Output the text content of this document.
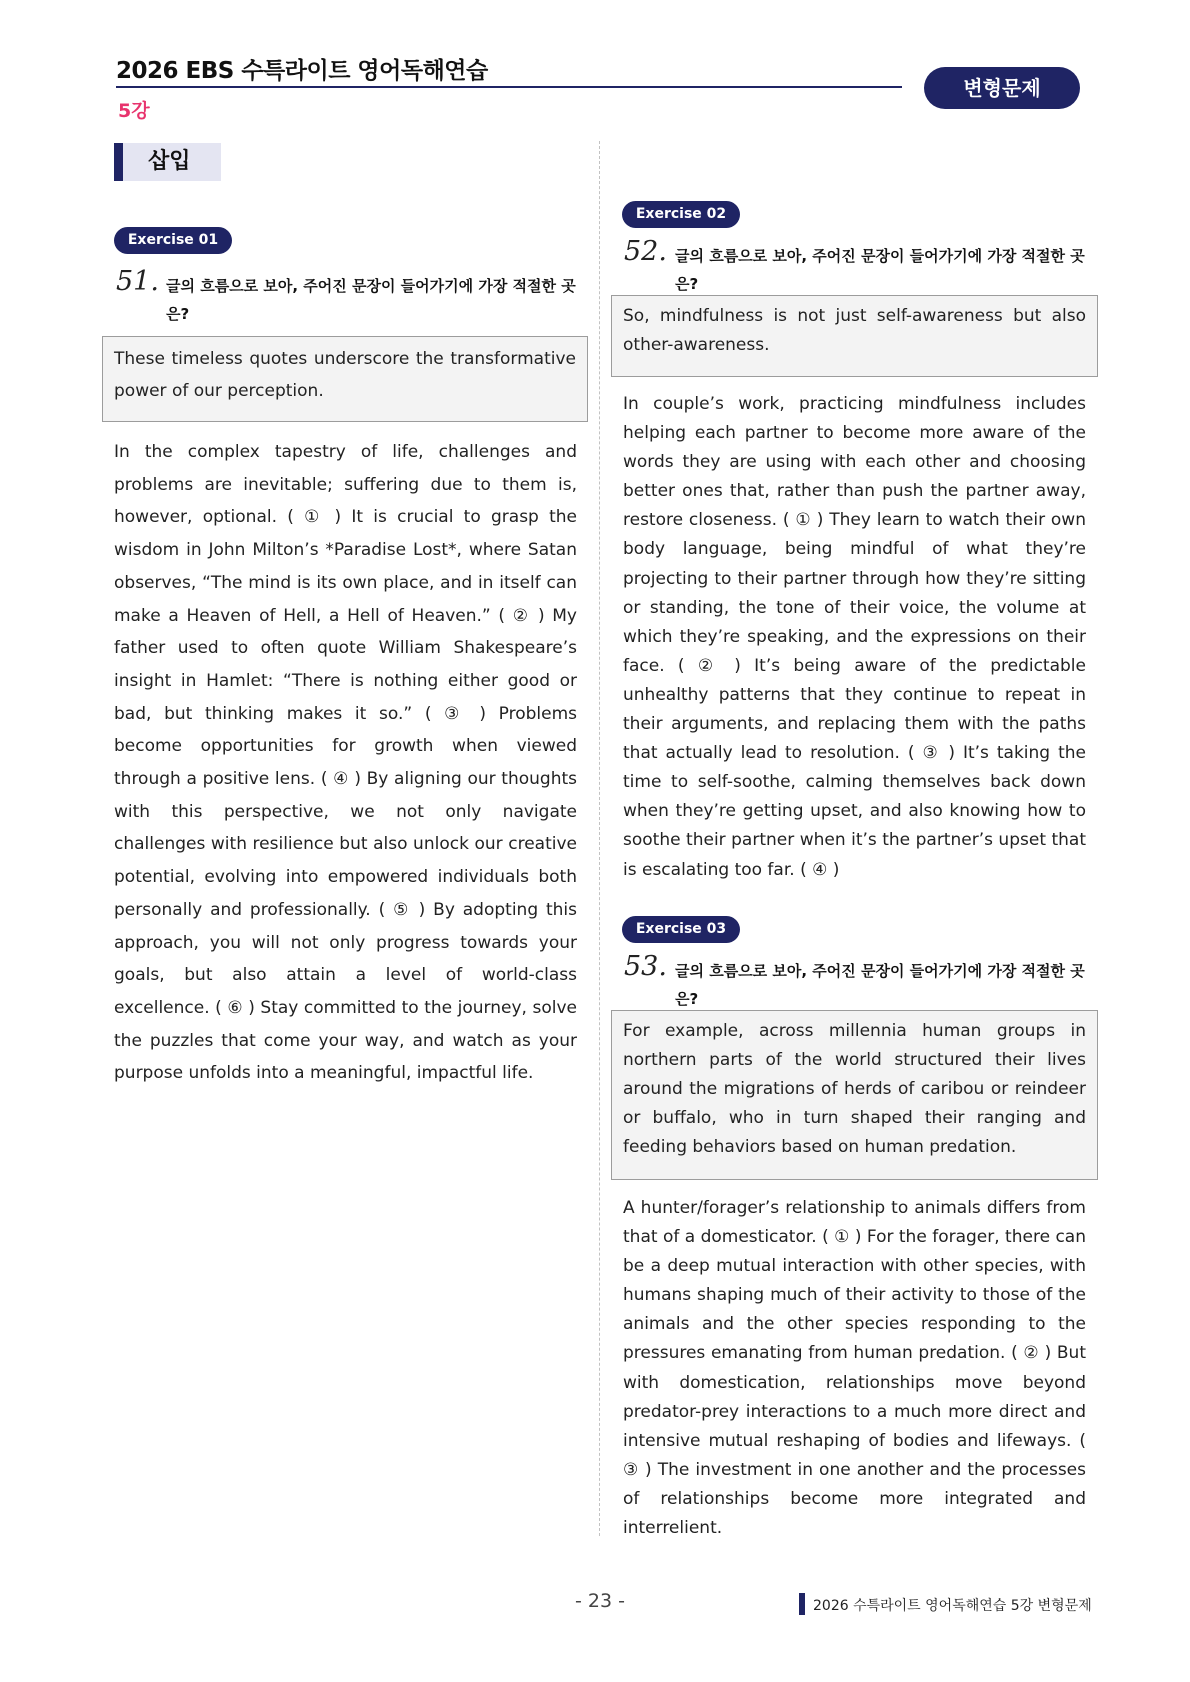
2026 EBS 수특라이트 영어독해연습
5강
변형문제
삽입
Exercise 01
51. 글의 흐름으로 보아, 주어진 문장이 들어가기에 가장 적절한 곳은?
These timeless quotes underscore the transformative power of our perception.
In the complex tapestry of life, challenges and problems are inevitable; suffering due to them is, however, optional. ( ① ) It is crucial to grasp the wisdom in John Milton’s *Paradise Lost*, where Satan observes, “The mind is its own place, and in itself can make a Heaven of Hell, a Hell of Heaven.” ( ② ) My father used to often quote William Shakespeare’s insight in Hamlet: “There is nothing either good or bad, but thinking makes it so.” ( ③ ) Problems become opportunities for growth when viewed through a positive lens. ( ④ ) By aligning our thoughts with this perspective, we not only navigate challenges with resilience but also unlock our creative potential, evolving into empowered individuals both personally and professionally. ( ⑤ ) By adopting this approach, you will not only progress towards your goals, but also attain a level of world-class excellence. ( ⑥ ) Stay committed to the journey, solve the puzzles that come your way, and watch as your purpose unfolds into a meaningful, impactful life.
Exercise 02
52. 글의 흐름으로 보아, 주어진 문장이 들어가기에 가장 적절한 곳은?
So, mindfulness is not just self-awareness but also other-awareness.
In couple’s work, practicing mindfulness includes helping each partner to become more aware of the words they are using with each other and choosing better ones that, rather than push the partner away, restore closeness. ( ① ) They learn to watch their own body language, being mindful of what they’re projecting to their partner through how they’re sitting or standing, the tone of their voice, the volume at which they’re speaking, and the expressions on their face. ( ② ) It’s being aware of the predictable unhealthy patterns that they continue to repeat in their arguments, and replacing them with the paths that actually lead to resolution. ( ③ ) It’s taking the time to self-soothe, calming themselves back down when they’re getting upset, and also knowing how to soothe their partner when it’s the partner’s upset that is escalating too far. ( ④ )
Exercise 03
53. 글의 흐름으로 보아, 주어진 문장이 들어가기에 가장 적절한 곳은?
For example, across millennia human groups in northern parts of the world structured their lives around the migrations of herds of caribou or reindeer or buffalo, who in turn shaped their ranging and feeding behaviors based on human predation.
A hunter/forager’s relationship to animals differs from that of a domesticator. ( ① ) For the forager, there can be a deep mutual interaction with other species, with humans shaping much of their activity to those of the animals and the other species responding to the pressures emanating from human predation. ( ② ) But with domestication, relationships move beyond predator-prey interactions to a much more direct and intensive mutual reshaping of bodies and lifeways. ( ③ ) The investment in one another and the processes of relationships become more integrated and interrelient.
- 23 -	2026 수특라이트 영어독해연습 5강 변형문제
